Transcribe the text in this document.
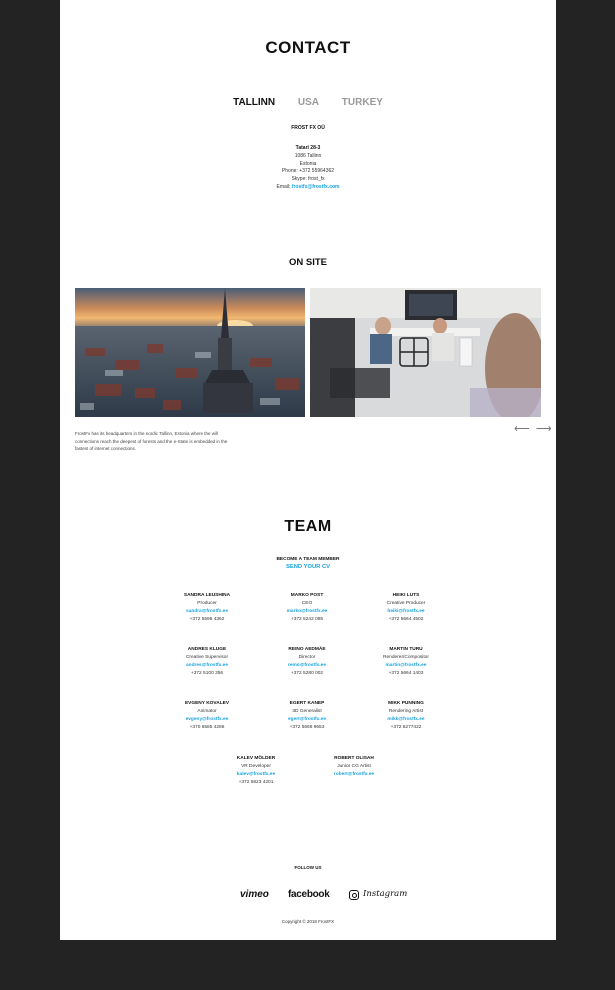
CONTACT
TALLINN USA TURKEY
FROST FX OÜ
Tatari 28-3
1086 Tallinn
Estonia
Phone: +372 55964362
Skype: frost_fx
Email: frostfx@frostfx.com
ON SITE
FrostFx has its headquarters in the nordic Tallinn, Estonia where the will connections reach the deepest of forests and the e-State is embedded in the fastest of internet connections.
⟵ ⟶
TEAM
BECOME A TEAM MEMBER
SEND YOUR CV
SANDRA LEUSHINA
Producer
sandra@frostfx.ee
+372 5596 4362
MARKO POST
CEO
marko@frostfx.ee
+372 5242 095
HEIKI LUTS
Creative Producer
heiki@frostfx.ee
+372 5664 4502
ANDRES KLUGE
Creative Supervisor
andres@frostfx.ee
+372 5100 356
REINO AEDMÄE
Director
reino@frostfx.ee
+372 5280 002
MARTIN TURU
Renderer/Compositor
martin@frostfx.ee
+372 5664 1403
EVGENY KOVALEV
Animator
evgeny@frostfx.ee
+370 6585 4286
EGERT KANEP
3D Generalist
egert@frostfx.ee
+372 5668 9653
MIKK PUNNING
Rendering Artist
mikk@frostfx.ee
+372 5277422
KALEV MÖLDER
VR Developer
kalev@frostfx.ee
+372 5823 4201
ROBERT OLISAH
Junior CG Artist
robert@frostfx.ee
FOLLOW US
vimeo facebook	Instagram
Copyright © 2018 FrostFX
